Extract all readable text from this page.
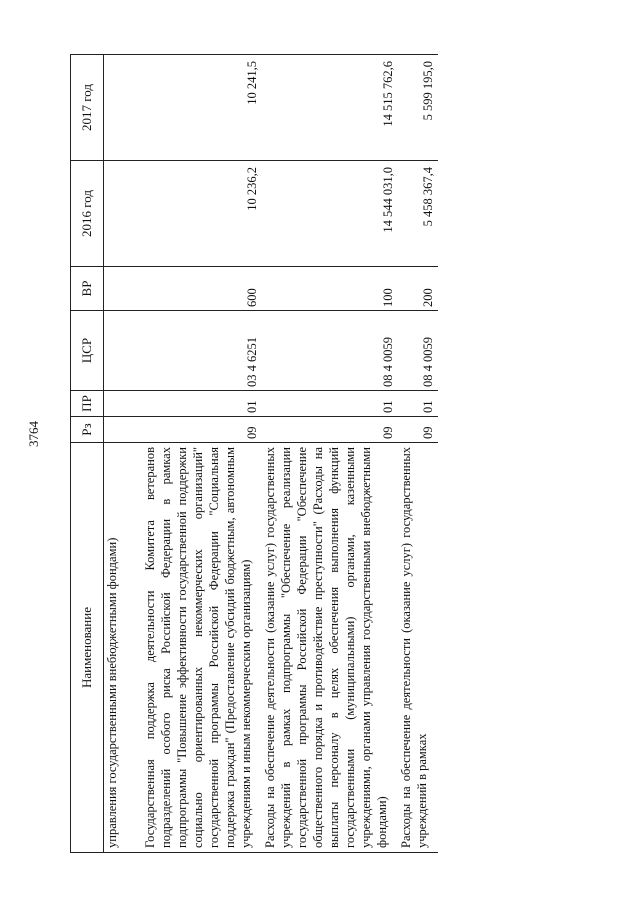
3764
Наименование	Рз	ПР	ЦСР	ВР	2016 год	2017 год
управления государственными внебюджетными фондами)						
Государственная поддержка деятельности Комитета ветеранов подразделений особого риска Российской Федерации в рамках подпрограммы "Повышение эффективности государственной поддержки социально ориентированных некоммерческих организаций" государственной программы Российской Федерации "Социальная поддержка граждан" (Предоставление субсидий бюджетным, автономным учреждениям и иным некоммерческим организациям)	09	01	03 4 6251	600	10 236,2	10 241,5
Расходы на обеспечение деятельности (оказание услуг) государственных учреждений в рамках подпрограммы "Обеспечение реализации государственной программы Российской Федерации "Обеспечение общественного порядка и противодействие преступности" (Расходы на выплаты персоналу в целях обеспечения выполнения функций государственными (муниципальными) органами, казенными учреждениями, органами управления государственными внебюджетными фондами)	09	01	08 4 0059	100	14 544 031,0	14 515 762,6
Расходы на обеспечение деятельности (оказание услуг) государственных учреждений в рамках	09	01	08 4 0059	200	5 458 367,4	5 599 195,0
